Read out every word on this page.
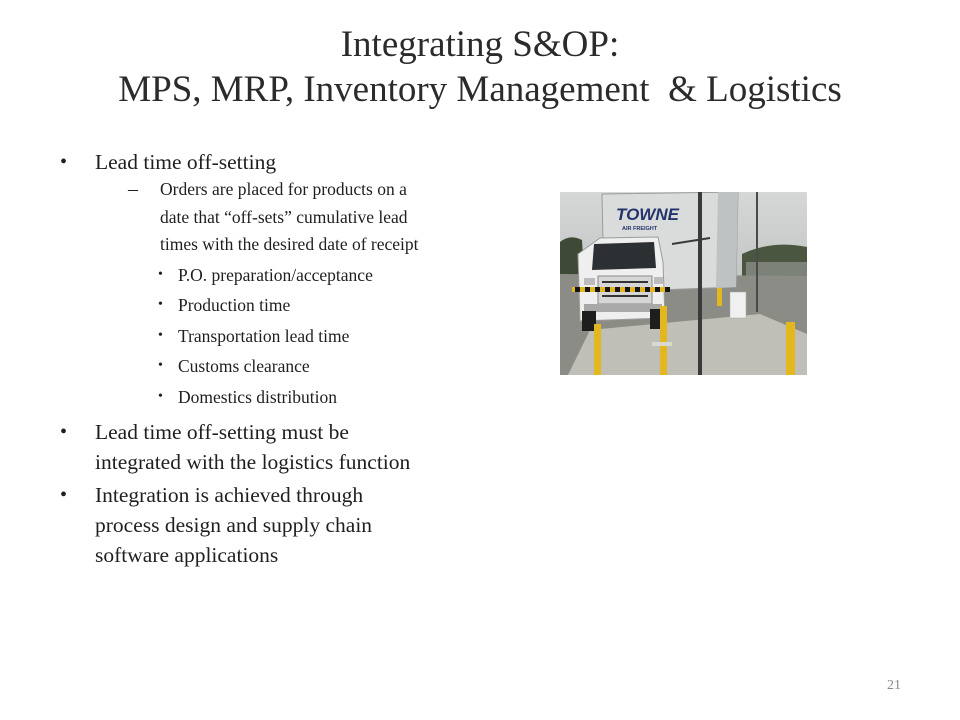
Integrating S&OP:
MPS, MRP, Inventory Management  & Logistics
• Lead time off-setting
– Orders are placed for products on a
date that “off-sets” cumulative lead
times with the desired date of receipt
• P.O. preparation/acceptance
• Production time
• Transportation lead time
• Customs clearance
• Domestics distribution
• Lead time off-setting must be
integrated with the logistics function
• Integration is achieved through
process design and supply chain
software applications
TOWNE
AIR FREIGHT
21
